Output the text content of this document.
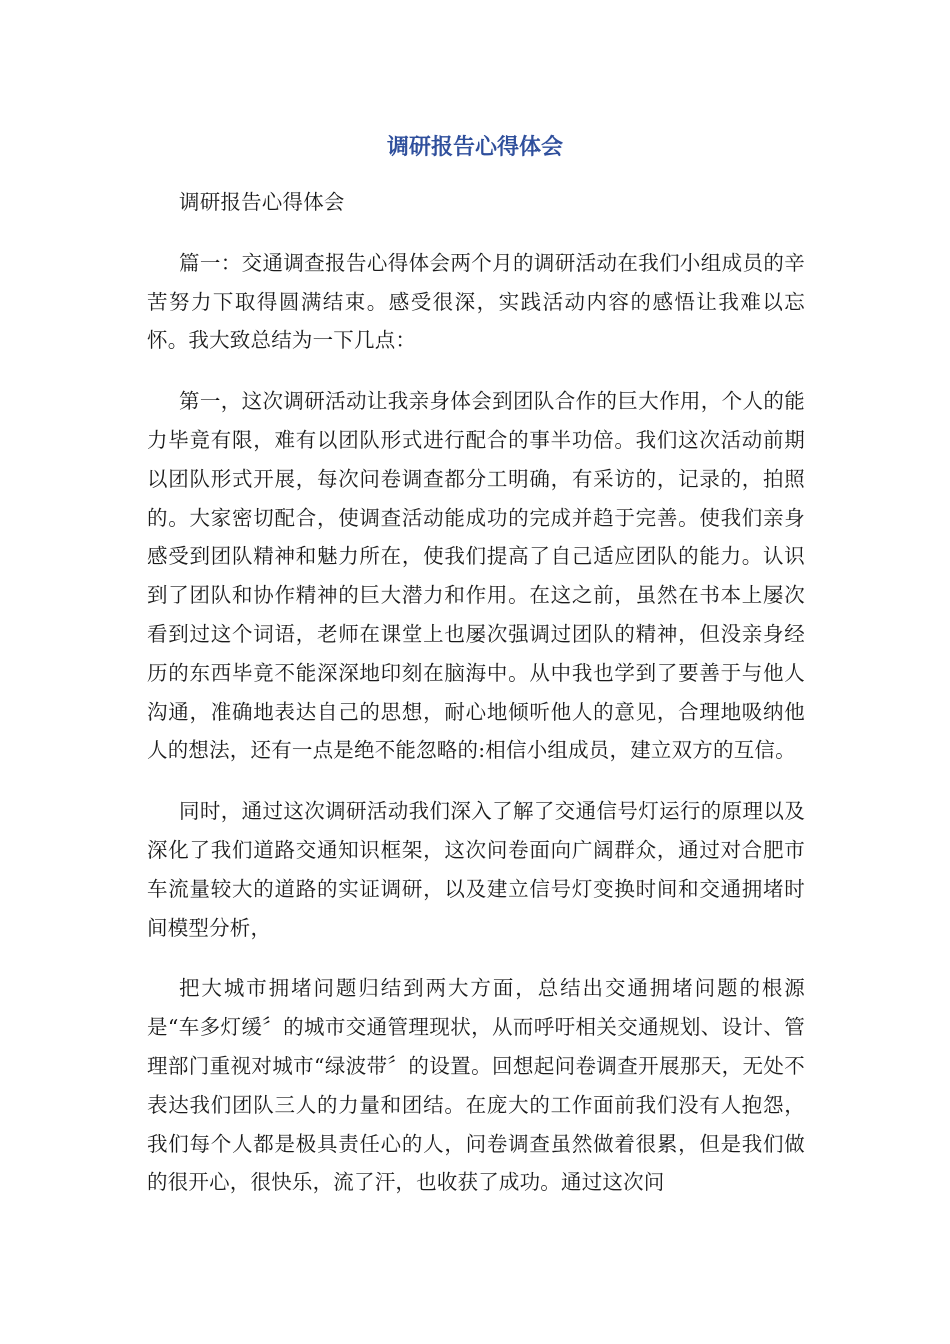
调研报告心得体会

调研报告心得体会

篇一：交通调查报告心得体会两个月的调研活动在我们小组成员的辛苦努力下取得圆满结束。感受很深，实践活动内容的感悟让我难以忘怀。我大致总结为一下几点：

第一，这次调研活动让我亲身体会到团队合作的巨大作用，个人的能力毕竟有限，难有以团队形式进行配合的事半功倍。我们这次活动前期以团队形式开展，每次问卷调查都分工明确，有采访的，记录的，拍照的。大家密切配合，使调查活动能成功的完成并趋于完善。使我们亲身感受到团队精神和魅力所在，使我们提高了自己适应团队的能力。认识到了团队和协作精神的巨大潜力和作用。在这之前，虽然在书本上屡次看到过这个词语，老师在课堂上也屡次强调过团队的精神，但没亲身经历的东西毕竟不能深深地印刻在脑海中。从中我也学到了要善于与他人沟通，准确地表达自己的思想，耐心地倾听他人的意见，合理地吸纳他人的想法，还有一点是绝不能忽略的:相信小组成员，建立双方的互信。

同时，通过这次调研活动我们深入了解了交通信号灯运行的原理以及深化了我们道路交通知识框架，这次问卷面向广阔群众，通过对合肥市车流量较大的道路的实证调研，以及建立信号灯变换时间和交通拥堵时间模型分析，

把大城市拥堵问题归结到两大方面，总结出交通拥堵问题的根源是“车多灯缓〞的城市交通管理现状，从而呼吁相关交通规划、设计、管理部门重视对城市“绿波带〞的设置。回想起问卷调查开展那天，无处不表达我们团队三人的力量和团结。在庞大的工作面前我们没有人抱怨，我们每个人都是极具责任心的人，问卷调查虽然做着很累，但是我们做的很开心，很快乐，流了汗，也收获了成功。通过这次问
